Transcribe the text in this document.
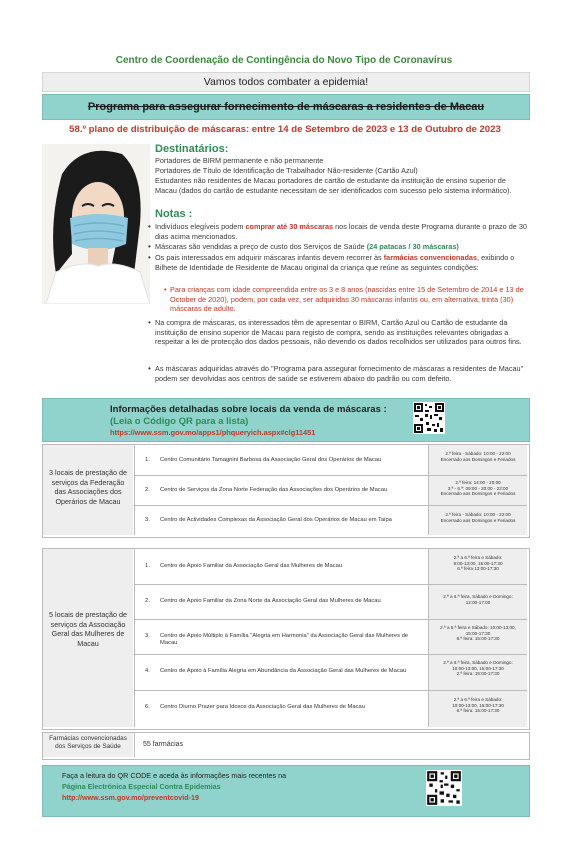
Centro de Coordenação de Contingência do Novo Tipo de Coronavírus
Vamos todos combater a epidemia!
Programa para assegurar fornecimento de máscaras a residentes de Macau
58.º plano de distribuição de máscaras: entre 14 de Setembro de 2023 e 13 de Outubro de 2023
Destinatários:
Portadores de BIRM permanente e não permanente
Portadores de Título de Identificação de Trabalhador Não-residente (Cartão Azul)
Estudantes não residentes de Macau portadores de cartão de estudante da instituição de ensino superior de Macau (dados do cartão de estudante necessitam de ser identificados com sucesso pelo sistema informático).
Notas :
• Indivíduos elegíveis podem comprar até 30 máscaras nos locais de venda deste Programa durante o prazo de 30 dias acima mencionados.
• Máscaras são vendidas a preço de custo dos Serviços de Saúde (24 patacas / 30 máscaras)
• Os pais interessados em adquirir máscaras infantis devem recorrer às farmácias convencionadas, exibindo o Bilhete de Identidade de Residente de Macau original da criança que reúne as seguintes condições:
• Para crianças com idade compreendida entre os 3 e 8 anos (nascidas entre 15 de Setembro de 2014 e 13 de October de 2020), podem, por cada vez, ser adquiridas 30 máscaras infantis ou, em alternativa, trinta (30) máscaras de adulto.
• Na compra de máscaras, os interessados têm de apresentar o BIRM, Cartão Azul ou Cartão de estudante da instituição de ensino superior de Macau para registo de compra, sendo as instituições relevantes obrigadas a respeitar a lei de protecção dos dados pessoais, não devendo os dados recolhidos ser utilizados para outros fins.
• As máscaras adquiridas através do "Programa para assegurar fornecimento de máscaras a residentes de Macau" podem ser devolvidas aos centros de saúde se estiverem abaixo do padrão ou com defeito.
Informações detalhadas sobre locais da venda de máscaras :
(Leia o Código QR para a lista)
https://www.ssm.gov.mo/apps1/phqueryich.aspx#clg11451
3 locais de prestação de serviços da Federação das Associações dos Operários de Macau
1. Centro Comunitário Tamagnini Barbosa da Associação Geral dos Operários de Macau
2.ª feira - Sábado: 10:00 - 22:00
Encerrado aos Domingos e Feriados
2. Centro de Serviços da Zona Norte Federação das Associações dos Operários de Macau
2.ª feira: 14:00 - 20:00
3.ª - 6.ª: 09:00 - 20:00 - 22:00
Encerrado aos Domingos e Feriados
3. Centro de Actividades Complexas da Associação Geral dos Operários de Macau em Taipa
2.ª feira - Sábado: 10:00 - 22:00
Encerrado aos Domingos e Feriados
5 locais de prestação de serviços da Associação Geral das Mulheres de Macau
1. Centro de Apoio Familiar da Associação Geral das Mulheres de Macau
2.ª a 6.ª feira e Sábado:
9:00-13:00, 15:00-17:30
6.ª feira 13:00-17:30
2. Centro de Apoio Familiar da Zona Norte da Associação Geral das Mulheres de Macau
2.ª a 6.ª feira, Sábado e Domingo:
12:00-17:00
3. Centro de Apoio Múltiplo à Família "Alegria em Harmonia" da Associação Geral das Mulheres de Macau
2.ª a 5.ª feira e Sábado: 10:00-13:00,
15:00-17:30
6.ª feira: 15:00-17:30
4. Centro de Apoio à Família Alegria em Abundância da Associação Geral das Mulheres de Macau
2.ª a 6.ª feira, Sábado e Domingo:
10:00-13:00, 15:00-17:30
2.ª feira: 15:00-17:30
6. Centro Diurno Prazer para Idosos da Associação Geral das Mulheres de Macau
2.ª a 6.ª feira e Sábado:
10:00-13:00, 15:00-17:30
6.ª feira: 15:00-17:30
Farmácias convencionadas dos Serviços de Saúde	55 farmácias
Faça a leitura do QR CODE e aceda às informações mais recentes na
Página Electrónica Especial Contra Epidemias
http://www.ssm.gov.mo/preventcovid-19
